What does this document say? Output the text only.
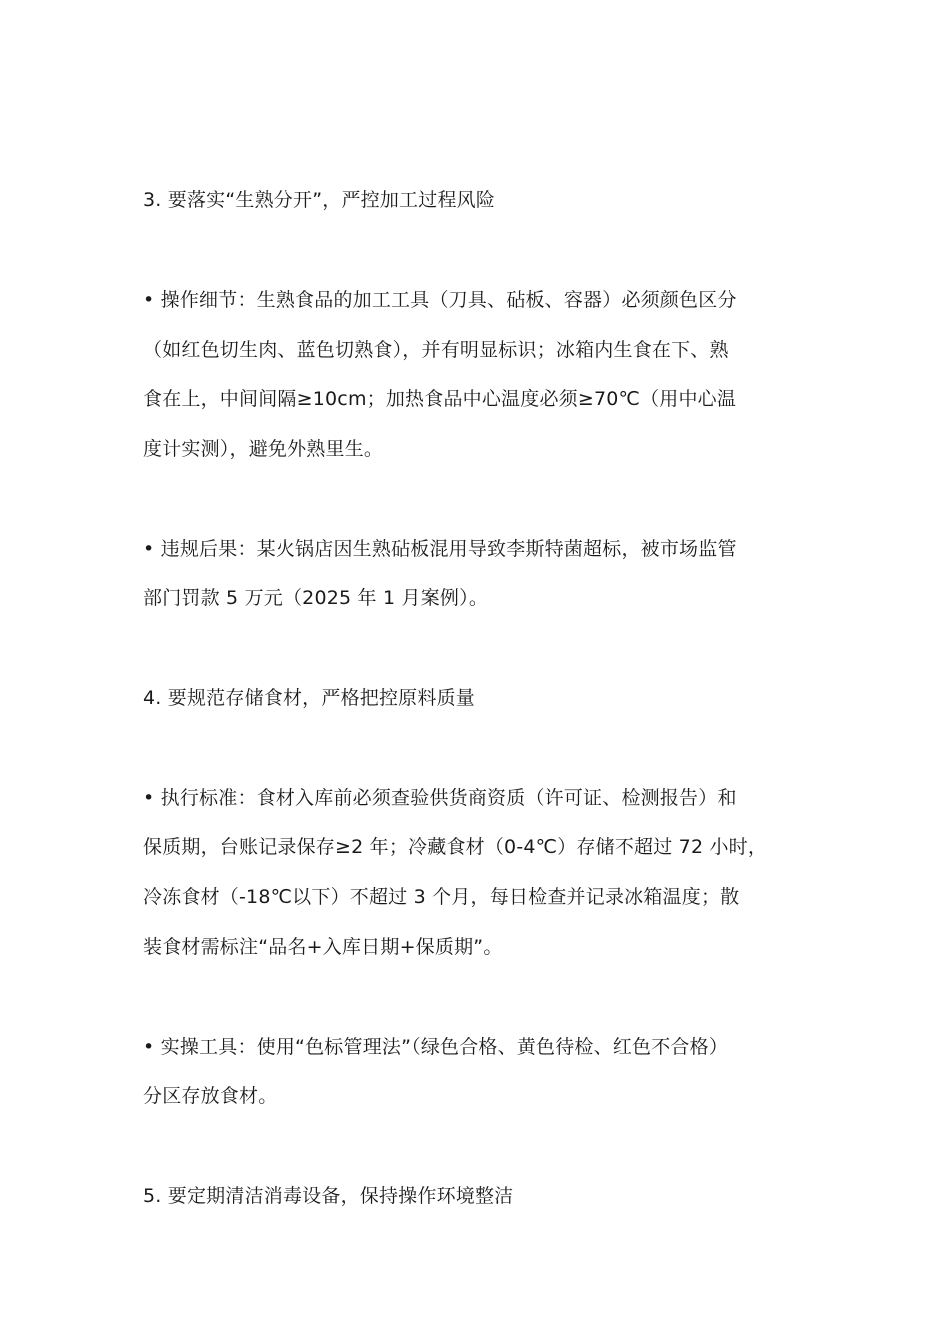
3. 要落实“生熟分开”，严控加工过程风险
• 操作细节：生熟食品的加工工具（刀具、砧板、容器）必须颜色区分
（如红色切生肉、蓝色切熟食），并有明显标识；冰箱内生食在下、熟
食在上，中间间隔≥10cm；加热食品中心温度必须≥70℃（用中心温
度计实测），避免外熟里生。
• 违规后果：某火锅店因生熟砧板混用导致李斯特菌超标，被市场监管
部门罚款 5 万元（2025 年 1 月案例）。
4. 要规范存储食材，严格把控原料质量
• 执行标准：食材入库前必须查验供货商资质（许可证、检测报告）和
保质期，台账记录保存≥2 年；冷藏食材（0-4℃）存储不超过 72 小时，
冷冻食材（-18℃以下）不超过 3 个月，每日检查并记录冰箱温度；散
装食材需标注“品名+入库日期+保质期”。
• 实操工具：使用“色标管理法”（绿色合格、黄色待检、红色不合格）
分区存放食材。
5. 要定期清洁消毒设备，保持操作环境整洁
